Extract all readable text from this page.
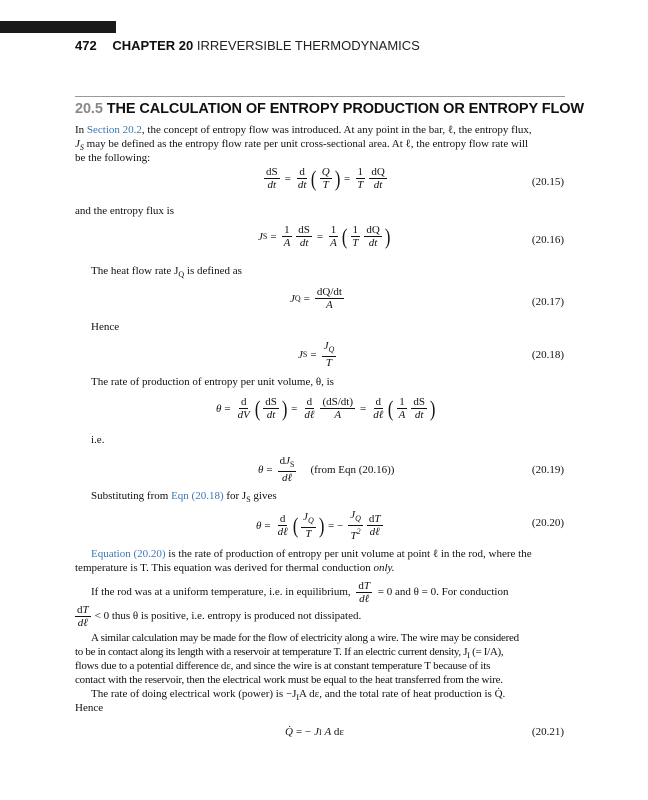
472 CHAPTER 20 IRREVERSIBLE THERMODYNAMICS
20.5 THE CALCULATION OF ENTROPY PRODUCTION OR ENTROPY FLOW
In Section 20.2, the concept of entropy flow was introduced. At any point in the bar, ℓ, the entropy flux,
$J_S$ may be defined as the entropy flow rate per unit cross-sectional area. At ℓ, the entropy flow rate will
be the following:
$\frac{dS}{dt} = \frac{d}{dt}$ ( $\frac{Q}{T}$ ) = $\frac{1}{T} \frac{dQ}{dt}$	(20.15)
and the entropy flux is
J $S = \frac{1}{A} \frac{dS}{dt} = \frac{1}{A}$ ( $\frac{1}{T} \frac{dQ}{dt}$ )	(20.16)
The heat flow rate $J_Q$ is defined as
J $Q = \frac{dQ/dt}{A}$	(20.17)
Hence
J $S = \frac{J_Q}{T}$	(20.18)
The rate of production of entropy per unit volume, θ, is
$\theta = \frac{d}{dV}$ ( $\frac{dS}{dt}$ ) = $\frac{d}{\text{dℓ}} \frac{(dS/dt)}{A} = \frac{d}{\text{dℓ}}$ ( $\frac{1}{A} \frac{dS}{dt}$ )
i.e.
$\theta = \frac{dJ_S}{\text{dℓ}}$ (from Eqn (20.16))	(20.19)
Substituting from Eqn (20.18) for $J_S$ gives
$\theta = \frac{d}{\text{dℓ}}$ ( $\frac{J_Q}{T}$ ) = − $\frac{J_Q}{T^2} \frac{dT}{\text{dℓ}}$	(20.20)
Equation (20.20) is the rate of production of entropy per unit volume at point ℓ in the rod, where the
temperature is T. This equation was derived for thermal conduction only.
If the rod was at a uniform temperature, i.e. in equilibrium, $\frac{dT}{\text{dℓ}} = 0$ and θ = 0. For conduction
$\frac{dT}{\text{dℓ}} < 0$ thus θ is positive, i.e. entropy is produced not dissipated.
A similar calculation may be made for the flow of electricity along a wire. The wire may be considered
to be in contact along its length with a reservoir at temperature T. If an electric current density, $J_I$ (= I/A),
flows due to a potential difference dε, and since the wire is at constant temperature T because of its
contact with the reservoir, then the electrical work must be equal to the heat transferred from the wire.
The rate of doing electrical work (power) is $-J_IA$ dε, and the total rate of heat production is Q̇.
Hence
Q̇ = − J I
A dε	(20.21)
